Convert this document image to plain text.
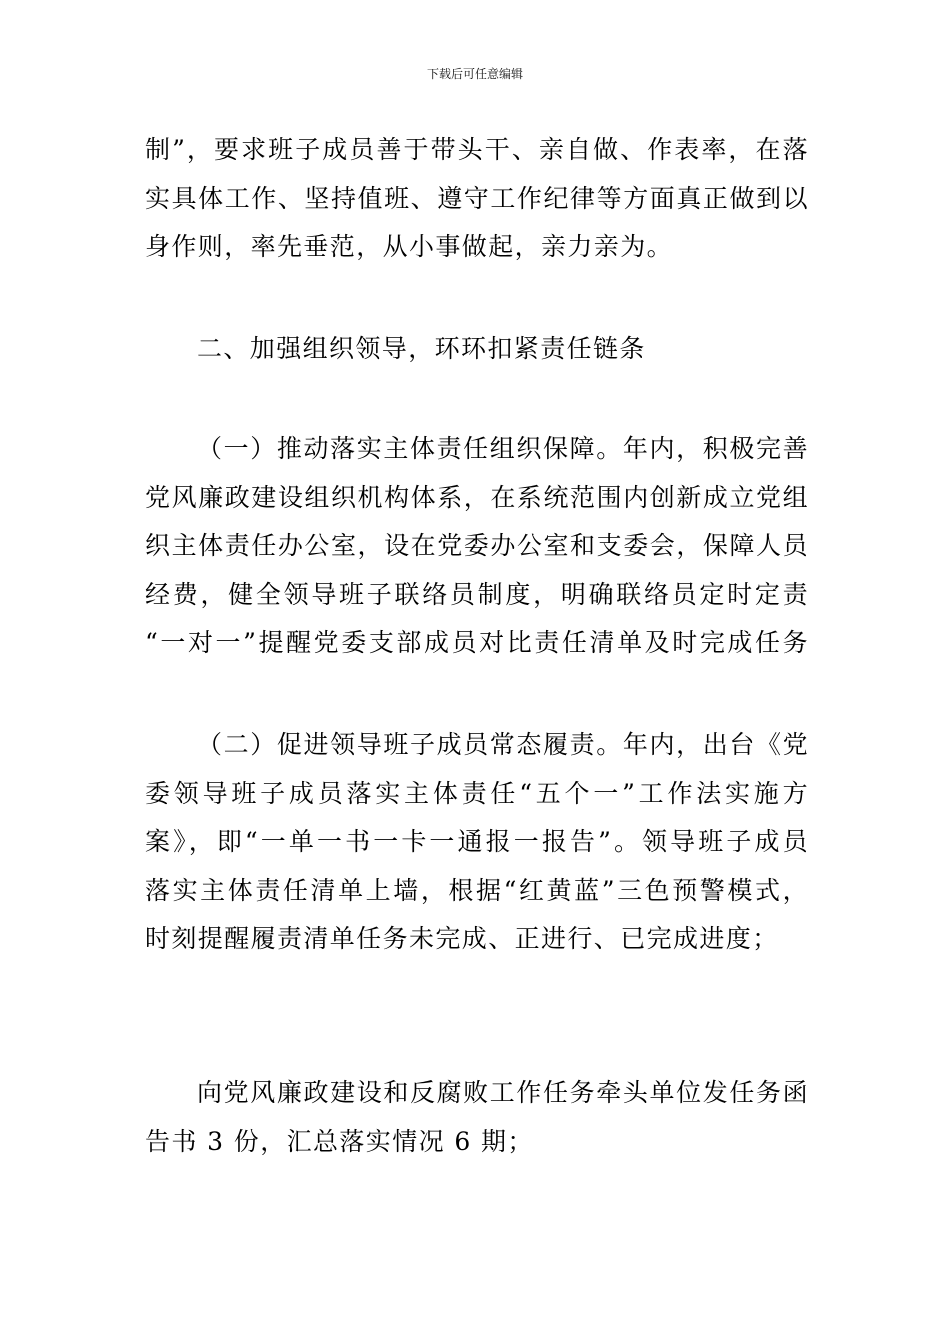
下载后可任意编辑
制”，要求班子成员善于带头干、亲自做、作表率，在落
实具体工作、坚持值班、遵守工作纪律等方面真正做到以
身作则，率先垂范，从小事做起，亲力亲为。
二、加强组织领导，环环扣紧责任链条
（一）推动落实主体责任组织保障。年内，积极完善
党风廉政建设组织机构体系，在系统范围内创新成立党组
织主体责任办公室，设在党委办公室和支委会，保障人员
经费，健全领导班子联络员制度，明确联络员定时定责
“一对一”提醒党委支部成员对比责任清单及时完成任务
（二）促进领导班子成员常态履责。年内，出台《党
委领导班子成员落实主体责任“五个一”工作法实施方
案》，即“一单一书一卡一通报一报告”。领导班子成员
落实主体责任清单上墙，根据“红黄蓝”三色预警模式，
时刻提醒履责清单任务未完成、正进行、已完成进度；
向党风廉政建设和反腐败工作任务牵头单位发任务函
告书 3 份，汇总落实情况 6 期；
